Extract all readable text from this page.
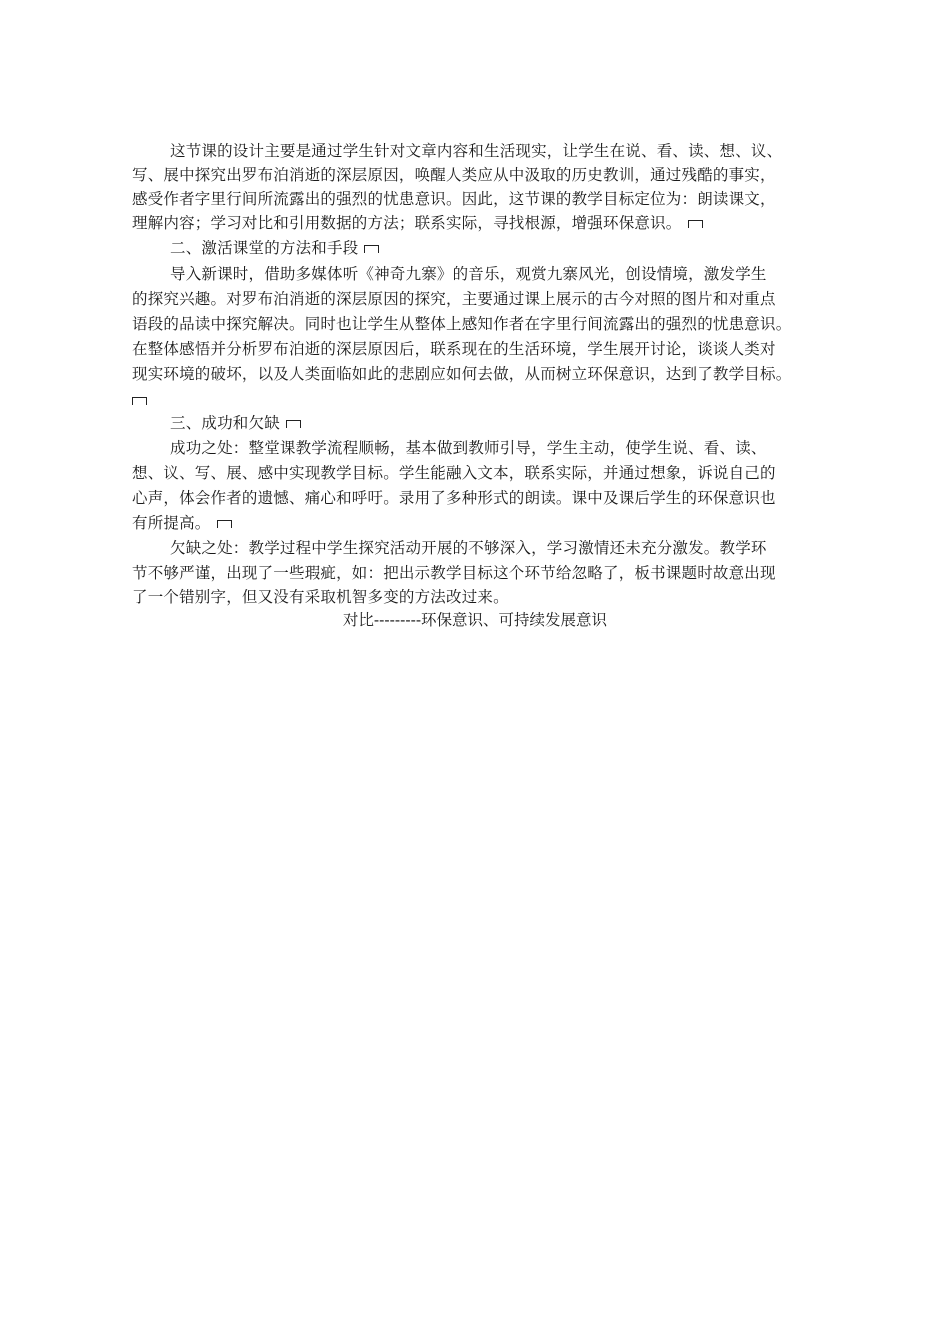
这节课的设计主要是通过学生针对文章内容和生活现实，让学生在说、看、读、想、议、
写、展中探究出罗布泊消逝的深层原因，唤醒人类应从中汲取的历史教训，通过残酷的事实，
感受作者字里行间所流露出的强烈的忧患意识。因此，这节课的教学目标定位为：朗读课文，
理解内容；学习对比和引用数据的方法；联系实际，寻找根源，增强环保意识。
二、激活课堂的方法和手段
导入新课时，借助多媒体听《神奇九寨》的音乐，观赏九寨风光，创设情境，激发学生
的探究兴趣。对罗布泊消逝的深层原因的探究，主要通过课上展示的古今对照的图片和对重点
语段的品读中探究解决。同时也让学生从整体上感知作者在字里行间流露出的强烈的忧患意识。
在整体感悟并分析罗布泊逝的深层原因后，联系现在的生活环境，学生展开讨论，谈谈人类对
现实环境的破坏，以及人类面临如此的悲剧应如何去做，从而树立环保意识，达到了教学目标。
三、成功和欠缺
成功之处：整堂课教学流程顺畅，基本做到教师引导，学生主动，使学生说、看、读、
想、议、写、展、感中实现教学目标。学生能融入文本，联系实际，并通过想象，诉说自己的
心声，体会作者的遗憾、痛心和呼吁。录用了多种形式的朗读。课中及课后学生的环保意识也
有所提高。
欠缺之处：教学过程中学生探究活动开展的不够深入，学习激情还未充分激发。教学环
节不够严谨，出现了一些瑕疵，如：把出示教学目标这个环节给忽略了，板书课题时故意出现
了一个错别字，但又没有采取机智多变的方法改过来。
对比---------环保意识、可持续发展意识
